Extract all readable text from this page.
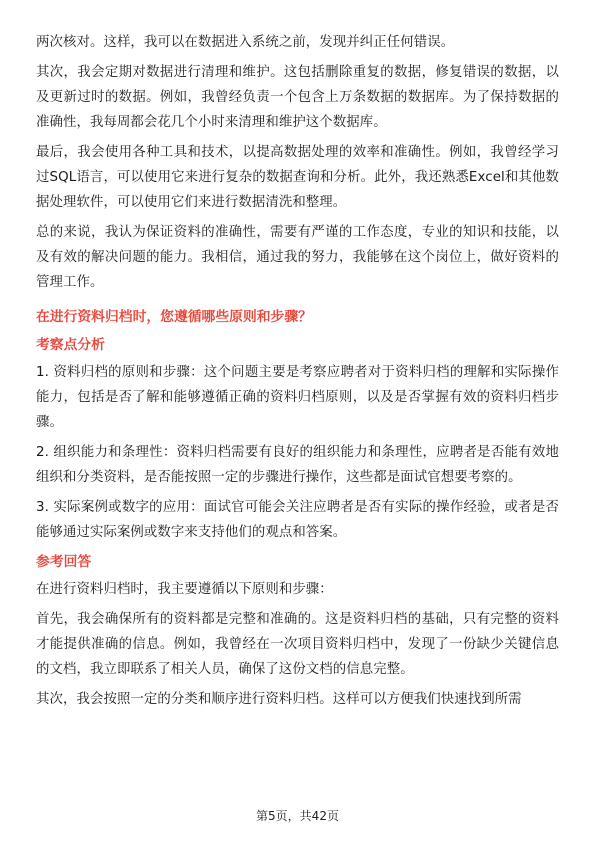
两次核对。这样，我可以在数据进入系统之前，发现并纠正任何错误。

其次，我会定期对数据进行清理和维护。这包括删除重复的数据，修复错误的数据，以及更新过时的数据。例如，我曾经负责一个包含上万条数据的数据库。为了保持数据的准确性，我每周都会花几个小时来清理和维护这个数据库。

最后，我会使用各种工具和技术，以提高数据处理的效率和准确性。例如，我曾经学习过SQL语言，可以使用它来进行复杂的数据查询和分析。此外，我还熟悉Excel和其他数据处理软件，可以使用它们来进行数据清洗和整理。

总的来说，我认为保证资料的准确性，需要有严谨的工作态度，专业的知识和技能，以及有效的解决问题的能力。我相信，通过我的努力，我能够在这个岗位上，做好资料的管理工作。

在进行资料归档时，您遵循哪些原则和步骤？
考察点分析

1. 资料归档的原则和步骤：这个问题主要是考察应聘者对于资料归档的理解和实际操作能力，包括是否了解和能够遵循正确的资料归档原则，以及是否掌握有效的资料归档步骤。

2. 组织能力和条理性：资料归档需要有良好的组织能力和条理性，应聘者是否能有效地组织和分类资料，是否能按照一定的步骤进行操作，这些都是面试官想要考察的。

3. 实际案例或数字的应用：面试官可能会关注应聘者是否有实际的操作经验，或者是否能够通过实际案例或数字来支持他们的观点和答案。

参考回答

在进行资料归档时，我主要遵循以下原则和步骤：

首先，我会确保所有的资料都是完整和准确的。这是资料归档的基础，只有完整的资料才能提供准确的信息。例如，我曾经在一次项目资料归档中，发现了一份缺少关键信息的文档，我立即联系了相关人员，确保了这份文档的信息完整。

其次，我会按照一定的分类和顺序进行资料归档。这样可以方便我们快速找到所需

第5页，共42页
